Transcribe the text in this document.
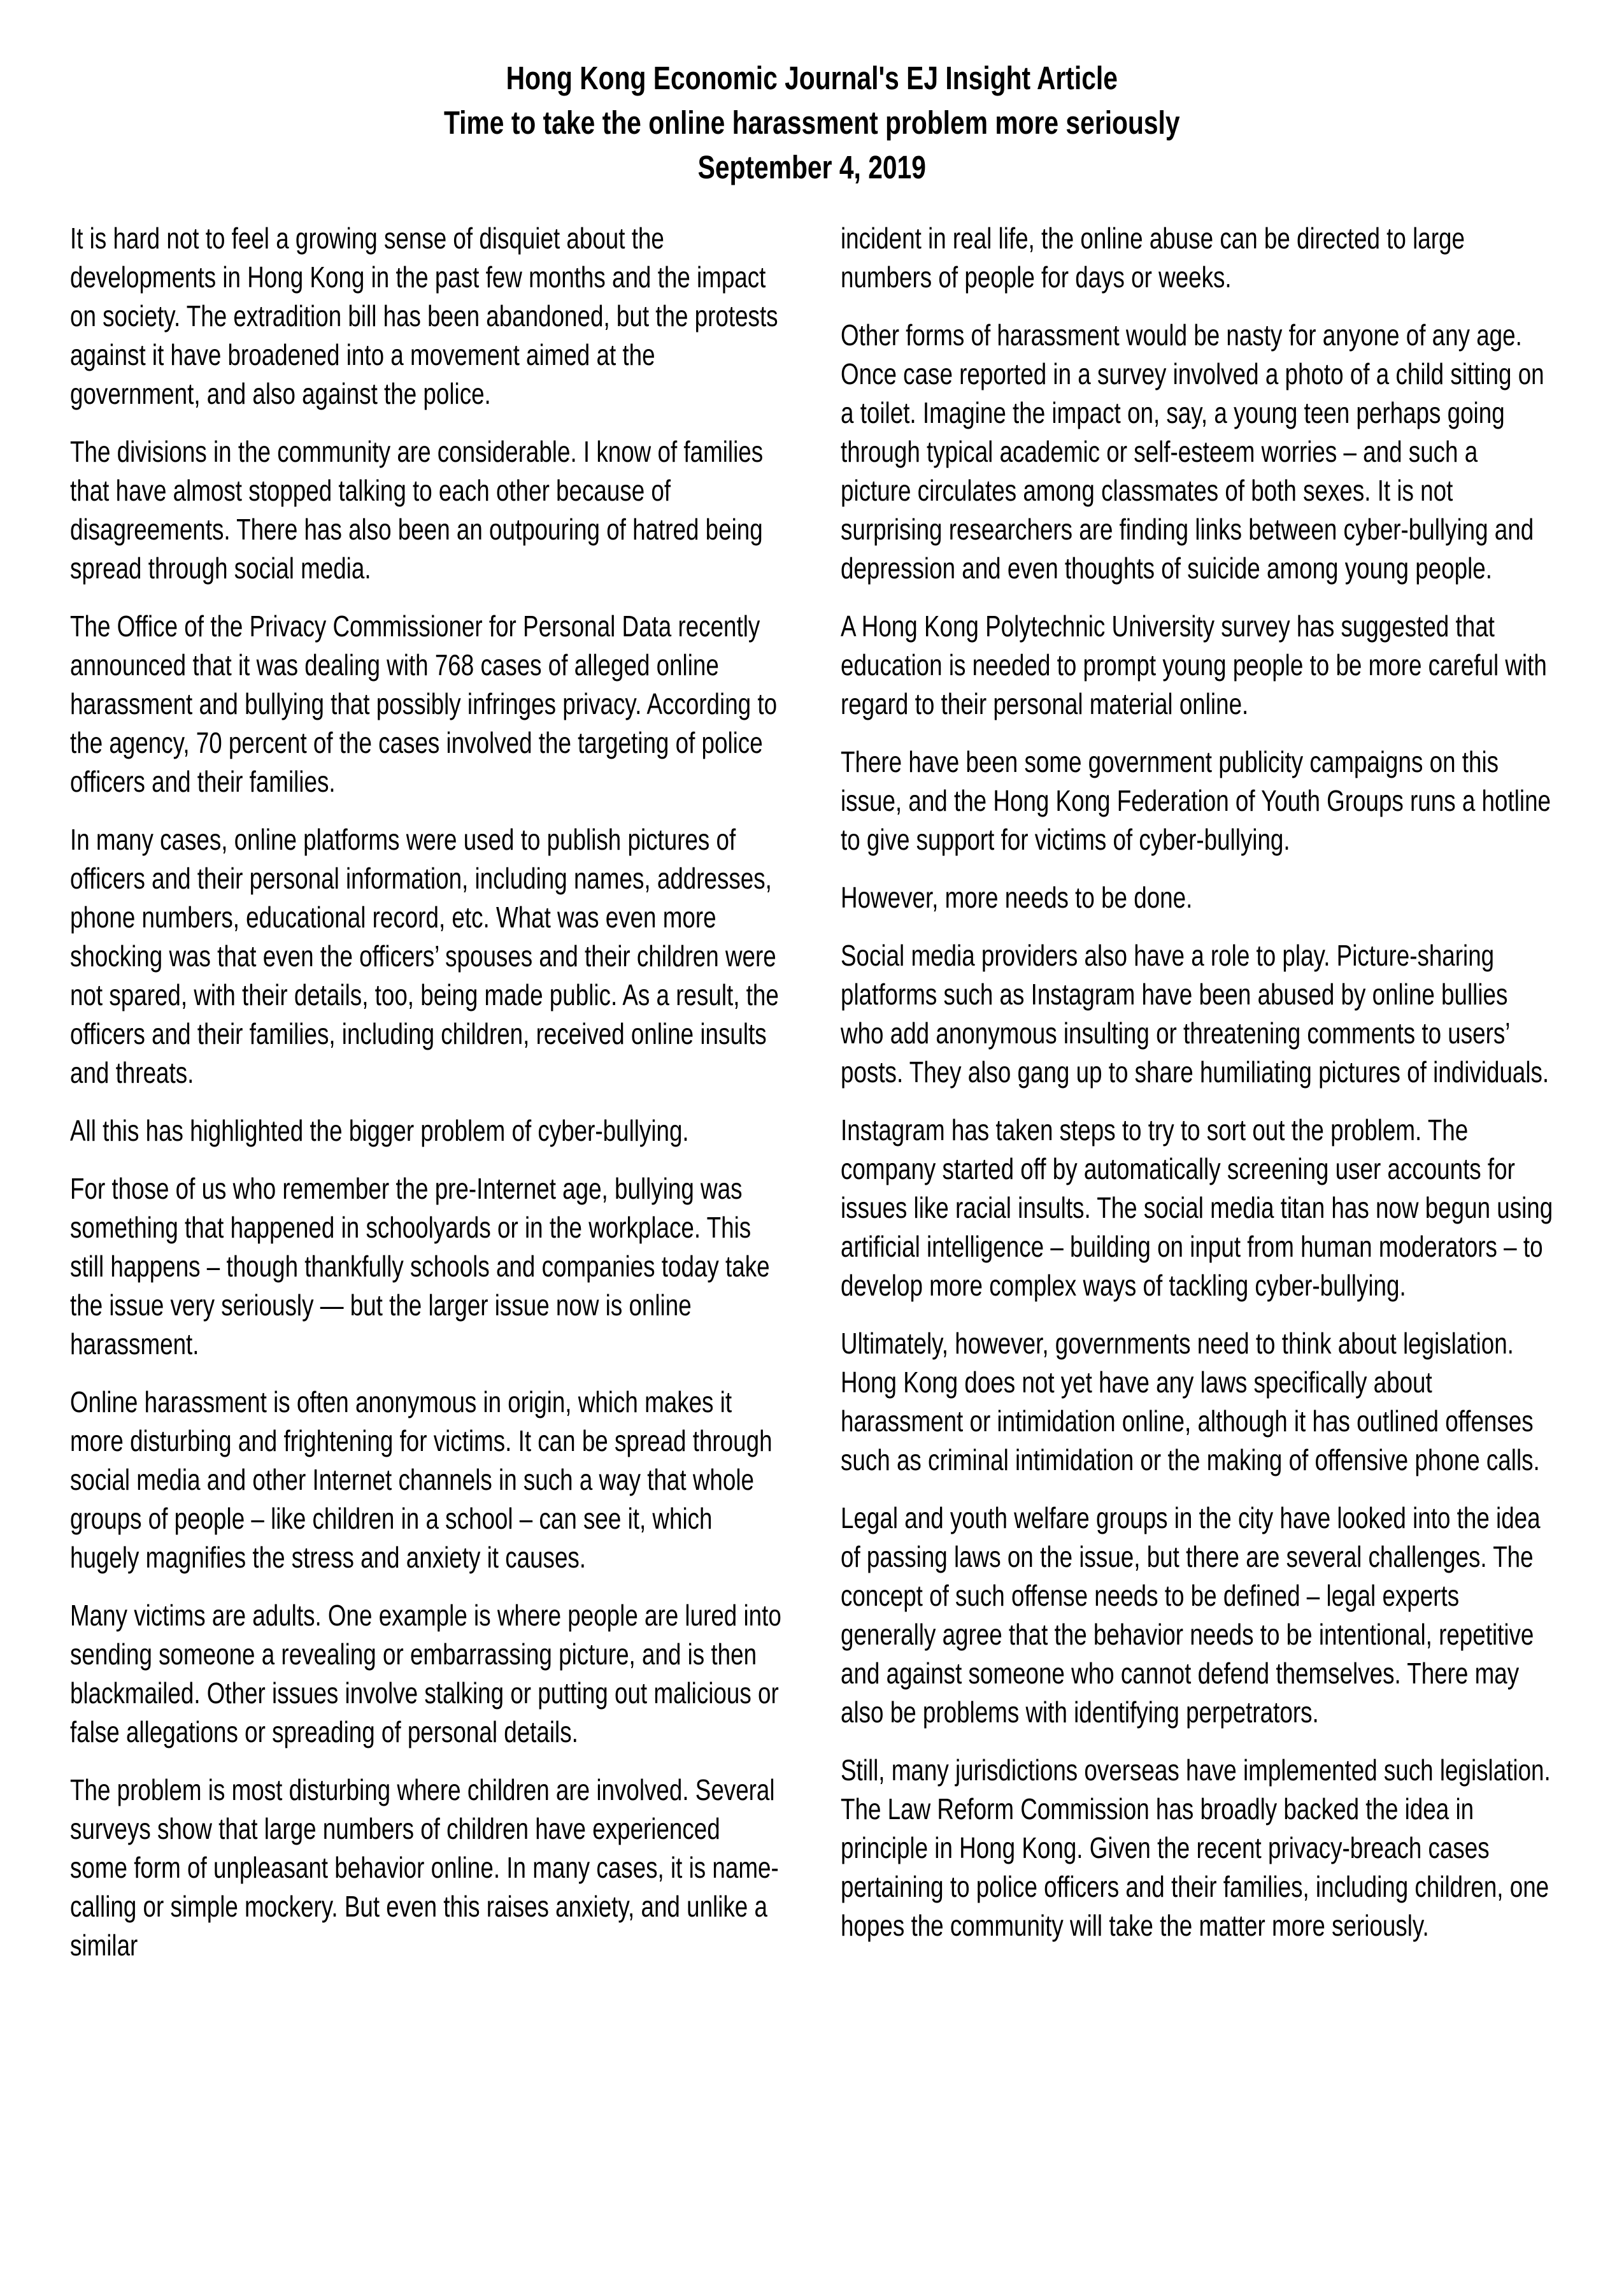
Hong Kong Economic Journal's EJ Insight Article
Time to take the online harassment problem more seriously
September 4, 2019

It is hard not to feel a growing sense of disquiet about the developments in Hong Kong in the past few months and the impact on society. The extradition bill has been abandoned, but the protests against it have broadened into a movement aimed at the government, and also against the police.

The divisions in the community are considerable. I know of families that have almost stopped talking to each other because of disagreements. There has also been an outpouring of hatred being spread through social media.

The Office of the Privacy Commissioner for Personal Data recently announced that it was dealing with 768 cases of alleged online harassment and bullying that possibly infringes privacy. According to the agency, 70 percent of the cases involved the targeting of police officers and their families.

In many cases, online platforms were used to publish pictures of officers and their personal information, including names, addresses, phone numbers, educational record, etc. What was even more shocking was that even the officers’ spouses and their children were not spared, with their details, too, being made public. As a result, the officers and their families, including children, received online insults and threats.

All this has highlighted the bigger problem of cyber-bullying.

For those of us who remember the pre-Internet age, bullying was something that happened in schoolyards or in the workplace. This still happens – though thankfully schools and companies today take the issue very seriously — but the larger issue now is online harassment.

Online harassment is often anonymous in origin, which makes it more disturbing and frightening for victims. It can be spread through social media and other Internet channels in such a way that whole groups of people – like children in a school – can see it, which hugely magnifies the stress and anxiety it causes.

Many victims are adults. One example is where people are lured into sending someone a revealing or embarrassing picture, and is then blackmailed. Other issues involve stalking or putting out malicious or false allegations or spreading of personal details.

The problem is most disturbing where children are involved. Several surveys show that large numbers of children have experienced some form of unpleasant behavior online. In many cases, it is name-calling or simple mockery. But even this raises anxiety, and unlike a similar

incident in real life, the online abuse can be directed to large numbers of people for days or weeks.

Other forms of harassment would be nasty for anyone of any age. Once case reported in a survey involved a photo of a child sitting on a toilet. Imagine the impact on, say, a young teen perhaps going through typical academic or self-esteem worries – and such a picture circulates among classmates of both sexes. It is not surprising researchers are finding links between cyber-bullying and depression and even thoughts of suicide among young people.

A Hong Kong Polytechnic University survey has suggested that education is needed to prompt young people to be more careful with regard to their personal material online.

There have been some government publicity campaigns on this issue, and the Hong Kong Federation of Youth Groups runs a hotline to give support for victims of cyber-bullying.

However, more needs to be done.

Social media providers also have a role to play. Picture-sharing platforms such as Instagram have been abused by online bullies who add anonymous insulting or threatening comments to users’ posts. They also gang up to share humiliating pictures of individuals.

Instagram has taken steps to try to sort out the problem. The company started off by automatically screening user accounts for issues like racial insults. The social media titan has now begun using artificial intelligence – building on input from human moderators – to develop more complex ways of tackling cyber-bullying.

Ultimately, however, governments need to think about legislation. Hong Kong does not yet have any laws specifically about harassment or intimidation online, although it has outlined offenses such as criminal intimidation or the making of offensive phone calls.

Legal and youth welfare groups in the city have looked into the idea of passing laws on the issue, but there are several challenges. The concept of such offense needs to be defined – legal experts generally agree that the behavior needs to be intentional, repetitive and against someone who cannot defend themselves. There may also be problems with identifying perpetrators.

Still, many jurisdictions overseas have implemented such legislation. The Law Reform Commission has broadly backed the idea in principle in Hong Kong. Given the recent privacy-breach cases pertaining to police officers and their families, including children, one hopes the community will take the matter more seriously.
